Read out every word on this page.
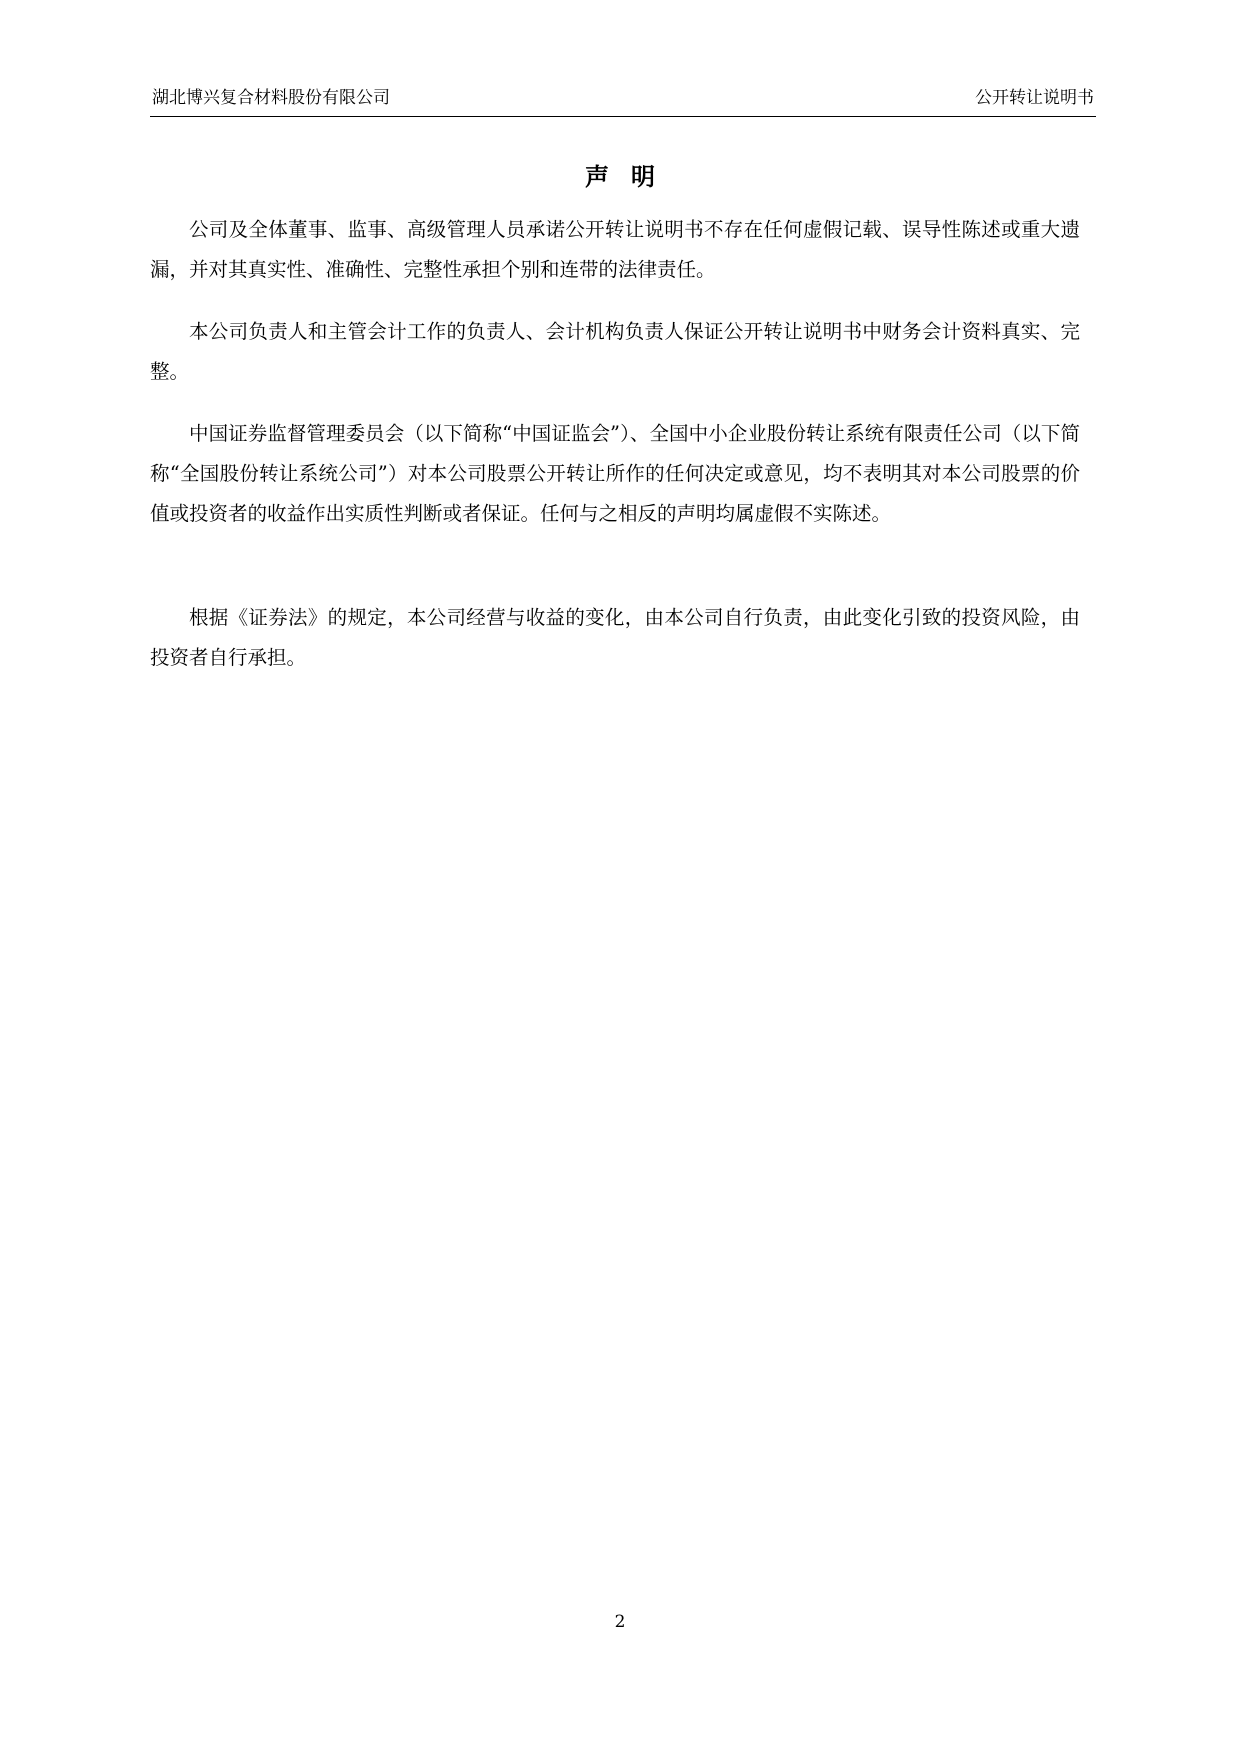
湖北博兴复合材料股份有限公司	公开转让说明书
声明

公司及全体董事、监事、高级管理人员承诺公开转让说明书不存在任何虚假记载、误导性陈述或重大遗漏，并对其真实性、准确性、完整性承担个别和连带的法律责任。

本公司负责人和主管会计工作的负责人、会计机构负责人保证公开转让说明书中财务会计资料真实、完整。

中国证券监督管理委员会（以下简称“中国证监会”）、全国中小企业股份转让系统有限责任公司（以下简称“全国股份转让系统公司”）对本公司股票公开转让所作的任何决定或意见，均不表明其对本公司股票的价值或投资者的收益作出实质性判断或者保证。任何与之相反的声明均属虚假不实陈述。

根据《证券法》的规定，本公司经营与收益的变化，由本公司自行负责，由此变化引致的投资风险，由投资者自行承担。

2
